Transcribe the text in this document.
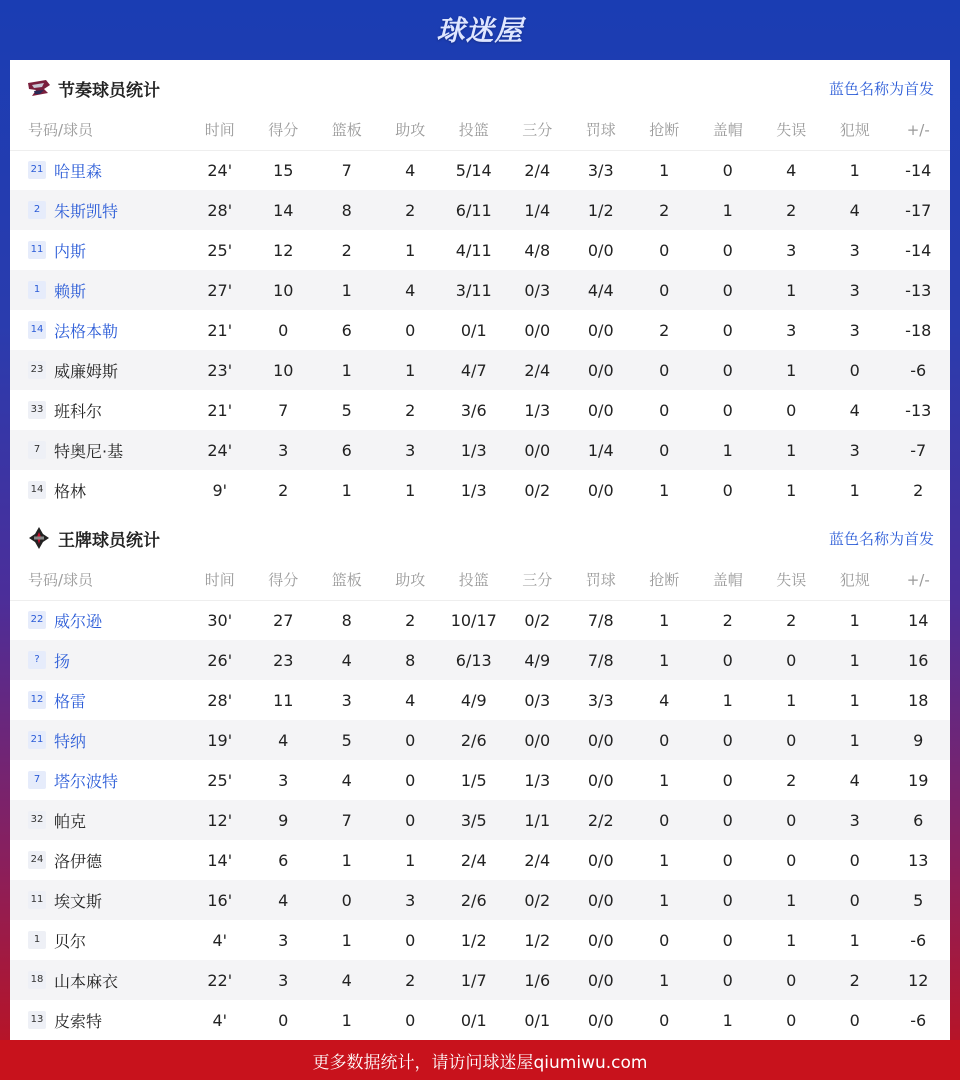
球迷屋
节奏球员统计	蓝色名称为首发
号码/球员	时间	得分	篮板	助攻	投篮	三分	罚球	抢断	盖帽	失误	犯规	+/-
21 哈里森	24'	15	7	4	5/14	2/4	3/3	1	0	4	1	-14
2 朱斯凯特	28'	14	8	2	6/11	1/4	1/2	2	1	2	4	-17
11 内斯	25'	12	2	1	4/11	4/8	0/0	0	0	3	3	-14
1 赖斯	27'	10	1	4	3/11	0/3	4/4	0	0	1	3	-13
14 法格本勒	21'	0	6	0	0/1	0/0	0/0	2	0	3	3	-18
23 威廉姆斯	23'	10	1	1	4/7	2/4	0/0	0	0	1	0	-6
33 班科尔	21'	7	5	2	3/6	1/3	0/0	0	0	0	4	-13
7 特奥尼·基	24'	3	6	3	1/3	0/0	1/4	0	1	1	3	-7
14 格林	9'	2	1	1	1/3	0/2	0/0	1	0	1	1	2
王牌球员统计	蓝色名称为首发
号码/球员	时间	得分	篮板	助攻	投篮	三分	罚球	抢断	盖帽	失误	犯规	+/-
22 威尔逊	30'	27	8	2	10/17	0/2	7/8	1	2	2	1	14
? 扬	26'	23	4	8	6/13	4/9	7/8	1	0	0	1	16
12 格雷	28'	11	3	4	4/9	0/3	3/3	4	1	1	1	18
21 特纳	19'	4	5	0	2/6	0/0	0/0	0	0	0	1	9
7 塔尔波特	25'	3	4	0	1/5	1/3	0/0	1	0	2	4	19
32 帕克	12'	9	7	0	3/5	1/1	2/2	0	0	0	3	6
24 洛伊德	14'	6	1	1	2/4	2/4	0/0	1	0	0	0	13
11 埃文斯	16'	4	0	3	2/6	0/2	0/0	1	0	1	0	5
1 贝尔	4'	3	1	0	1/2	1/2	0/0	0	0	1	1	-6
18 山本麻衣	22'	3	4	2	1/7	1/6	0/0	1	0	0	2	12
13 皮索特	4'	0	1	0	0/1	0/1	0/0	0	1	0	0	-6
更多数据统计，请访问球迷屋qiumiwu.com
